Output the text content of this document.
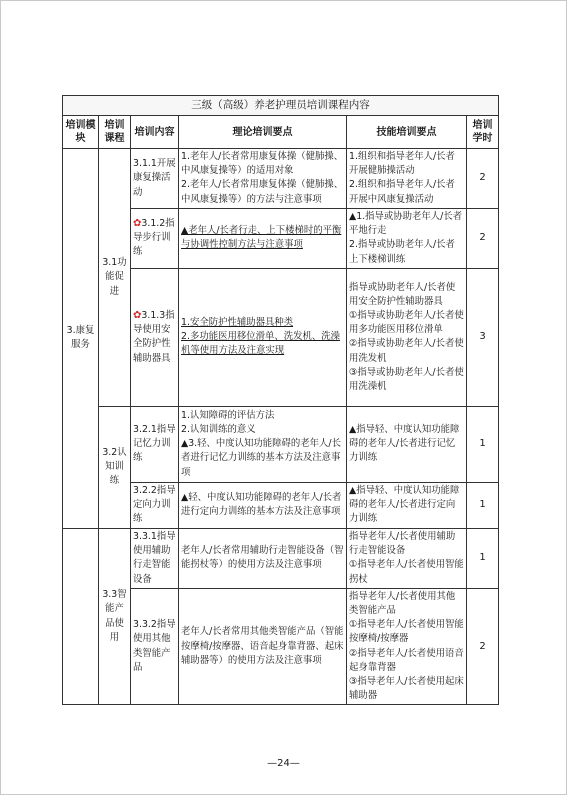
三级（高级）养老护理员培训课程内容					
培训模块	培训课程	培训内容	理论培训要点	技能培训要点	培训学时
3.康复服务	3.1功能促进	3.1.1开展康复操活动	1.老年人/长者常用康复体操（健肺操、中风康复操等）的适用对象
2.老年人/长者常用康复体操（健肺操、中风康复操等）的方法与注意事项	1.组织和指导老年人/长者开展健肺操活动
2.组织和指导老年人/长者开展中风康复操活动	2
		✿3.1.2指导步行训练	▲老年人/长者行走、上下楼梯时的平衡与协调性控制方法与注意事项	▲1.指导或协助老年人/长者平地行走
2.指导或协助老年人/长者上下楼梯训练	2
		✿3.1.3指导使用安全防护性辅助器具	1.安全防护性辅助器具种类
2.多功能医用移位滑单、洗发机、洗澡机等使用方法及注意实现	指导或协助老年人/长者使用安全防护性辅助器具
①指导或协助老年人/长者使用多功能医用移位滑单
②指导或协助老年人/长者使用洗发机
③指导或协助老年人/长者使用洗澡机	3
	3.2认知训练	3.2.1指导记忆力训练	1.认知障碍的评估方法
2.认知训练的意义
▲3.轻、中度认知功能障碍的老年人/长者进行记忆力训练的基本方法及注意事项	▲指导轻、中度认知功能障碍的老年人/长者进行记忆力训练	1
		3.2.2指导定向力训练	▲轻、中度认知功能障碍的老年人/长者进行定向力训练的基本方法及注意事项	▲指导轻、中度认知功能障碍的老年人/长者进行定向力训练	1
	3.3智能产品使用	3.3.1指导使用辅助行走智能设备	老年人/长者常用辅助行走智能设备（智能拐杖等）的使用方法及注意事项	指导老年人/长者使用辅助行走智能设备
①指导老年人/长者使用智能拐杖	1
		3.3.2指导使用其他类智能产品	老年人/长者常用其他类智能产品（智能按摩椅/按摩器、语音起身靠背器、起床辅助器等）的使用方法及注意事项	指导老年人/长者使用其他类智能产品
①指导老年人/长者使用智能按摩椅/按摩器
②指导老年人/长者使用语音起身靠背器
③指导老年人/长者使用起床辅助器	2
—24—
